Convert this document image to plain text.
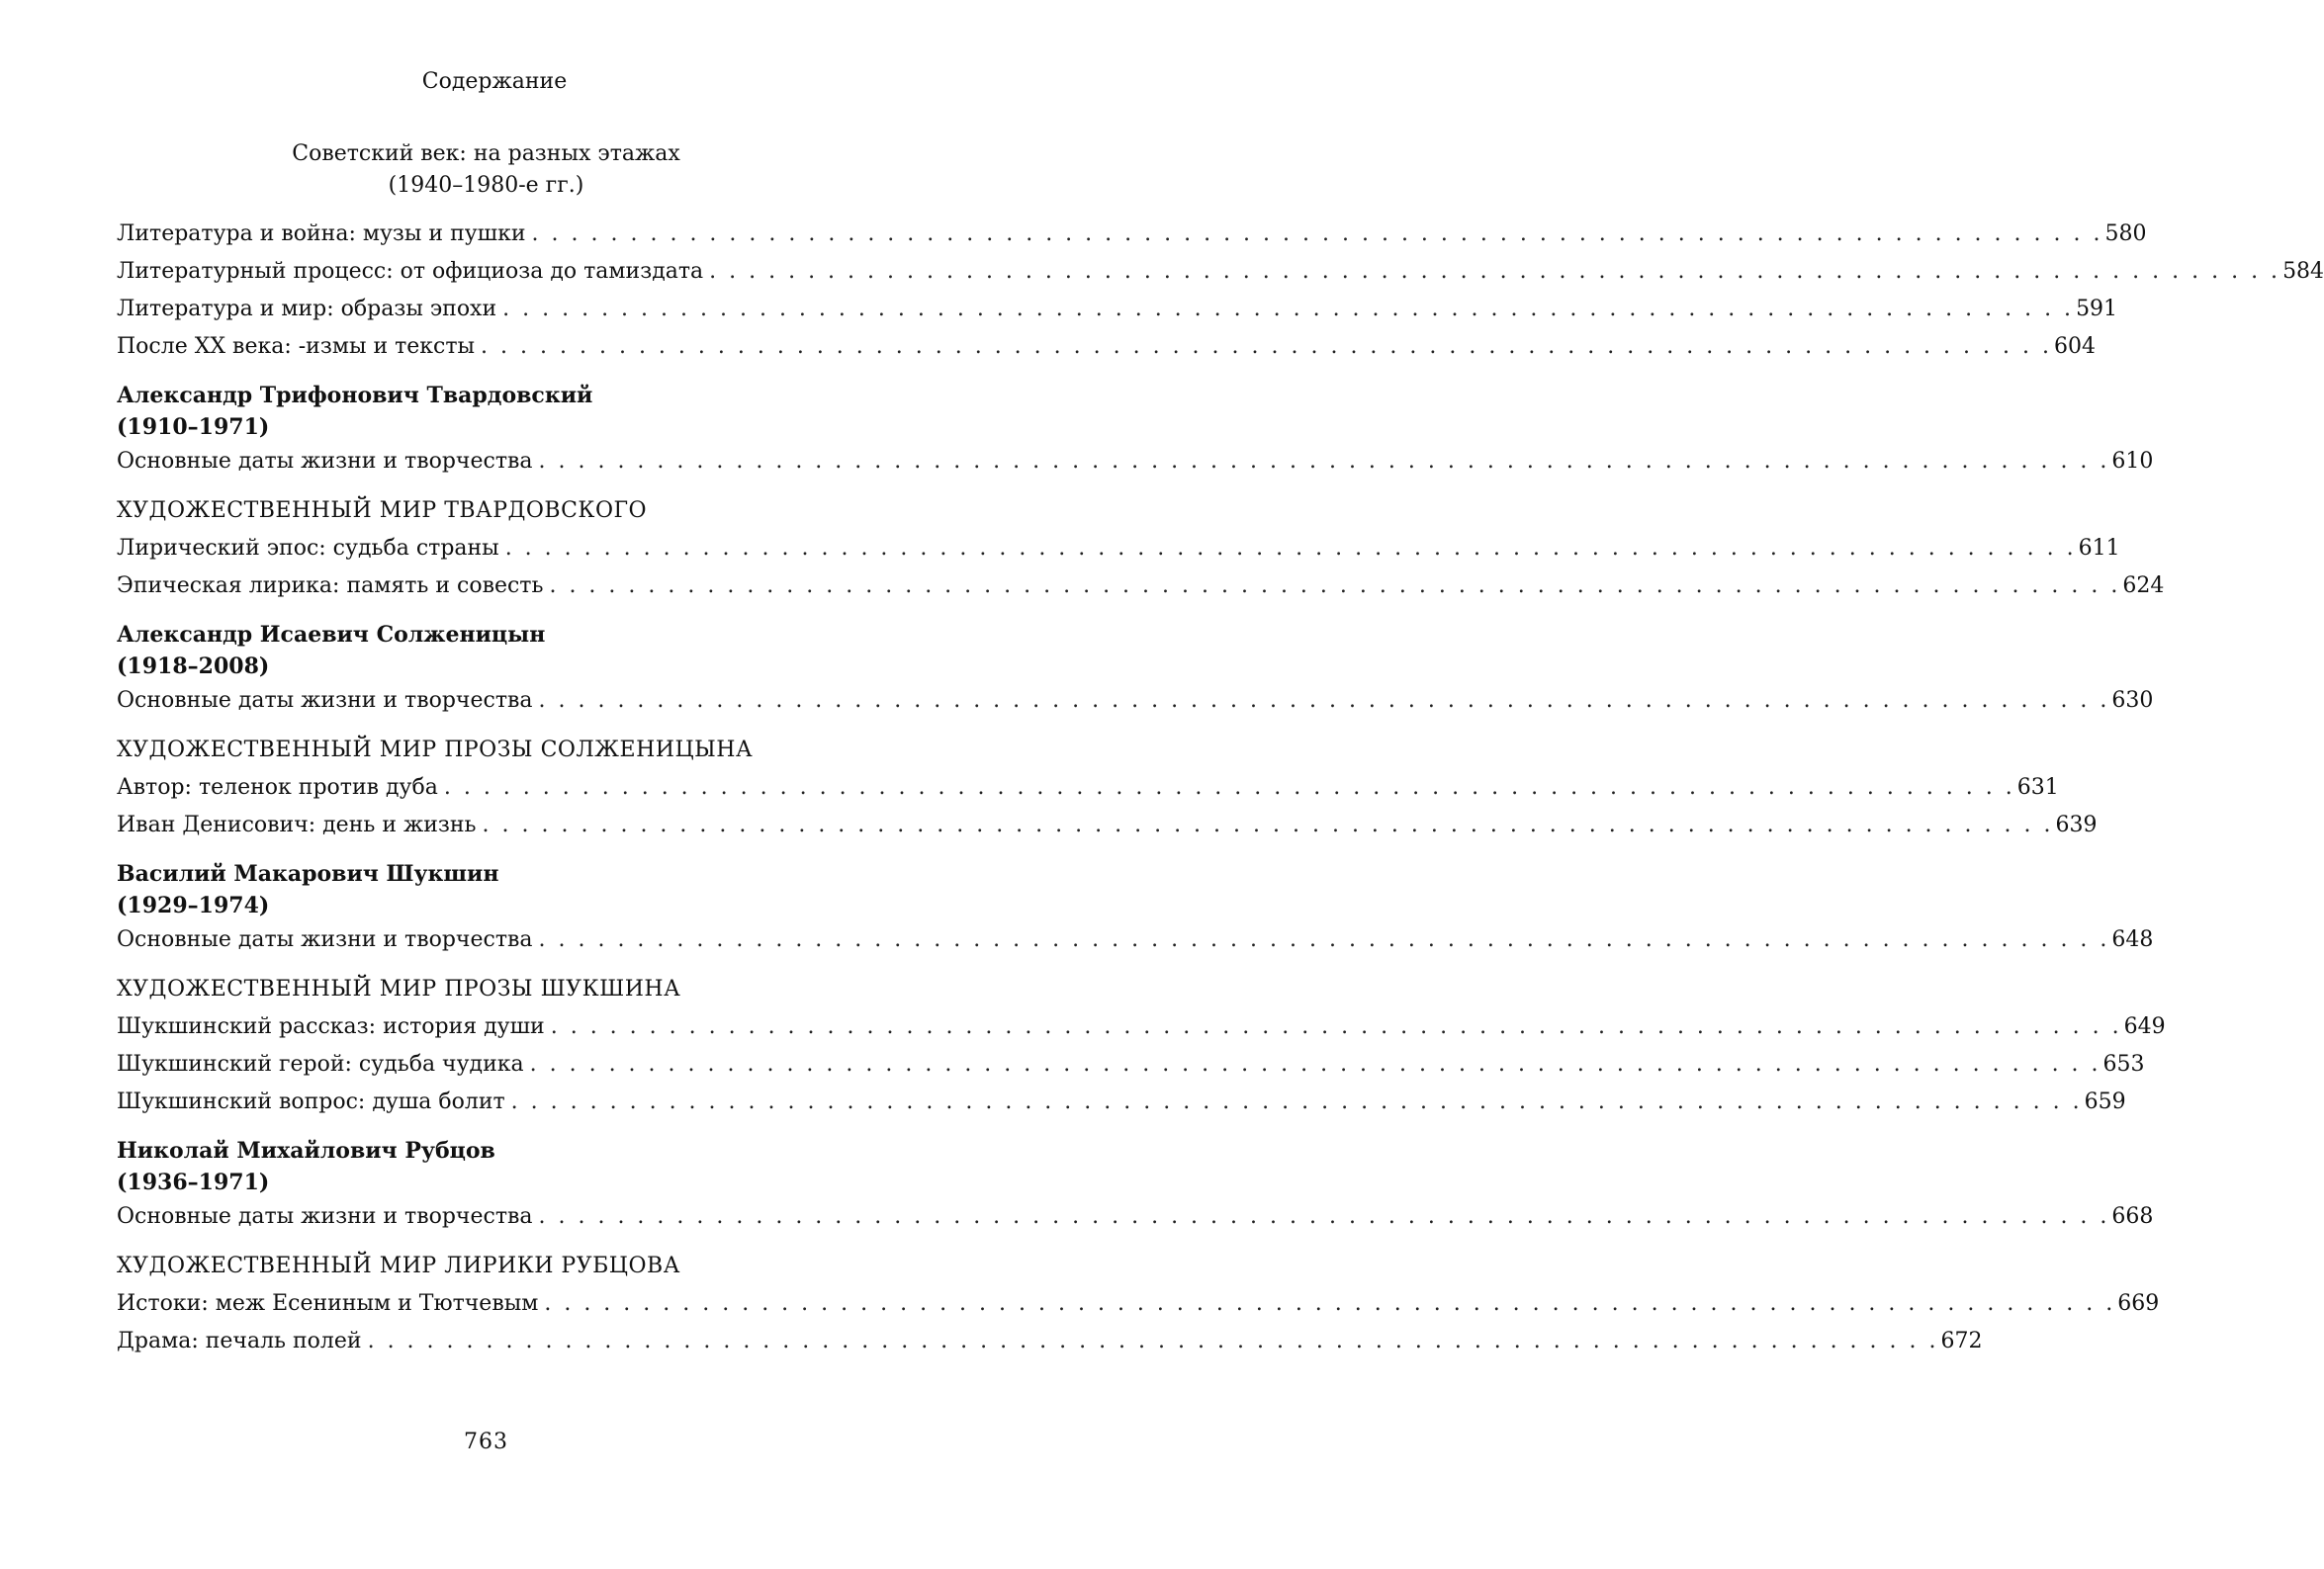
Содержание
Советский век: на разных этажах
(1940–1980-е гг.)
Литература и война: музы и пушки . . . . . . . . . . . . . . . . . . . . . . . . . . . . . . . . . . . . . . . . . . . . . . . . . . . . . . . . . . . . . . . . . . . . . . . . . . . . . . . . 580
Литературный процесс: от официоза до тамиздата . . . . . . . . . . . . . . . . . . . . . . . . . . . . . . . . . . . . . . . . . . . . . . . . . . . . . . . . . . . . . . . . . . . . . . . . . . . . . . . . 584
Литература и мир: образы эпохи . . . . . . . . . . . . . . . . . . . . . . . . . . . . . . . . . . . . . . . . . . . . . . . . . . . . . . . . . . . . . . . . . . . . . . . . . . . . . . . . 591
После XX века: -измы и тексты . . . . . . . . . . . . . . . . . . . . . . . . . . . . . . . . . . . . . . . . . . . . . . . . . . . . . . . . . . . . . . . . . . . . . . . . . . . . . . . . 604
Александр Трифонович Твардовский
(1910–1971)
Основные даты жизни и творчества . . . . . . . . . . . . . . . . . . . . . . . . . . . . . . . . . . . . . . . . . . . . . . . . . . . . . . . . . . . . . . . . . . . . . . . . . . . . . . . . 610
ХУДОЖЕСТВЕННЫЙ МИР ТВАРДОВСКОГО
Лирический эпос: судьба страны . . . . . . . . . . . . . . . . . . . . . . . . . . . . . . . . . . . . . . . . . . . . . . . . . . . . . . . . . . . . . . . . . . . . . . . . . . . . . . . . 611
Эпическая лирика: память и совесть . . . . . . . . . . . . . . . . . . . . . . . . . . . . . . . . . . . . . . . . . . . . . . . . . . . . . . . . . . . . . . . . . . . . . . . . . . . . . . . . 624
Александр Исаевич Солженицын
(1918–2008)
Основные даты жизни и творчества . . . . . . . . . . . . . . . . . . . . . . . . . . . . . . . . . . . . . . . . . . . . . . . . . . . . . . . . . . . . . . . . . . . . . . . . . . . . . . . . 630
ХУДОЖЕСТВЕННЫЙ МИР ПРОЗЫ СОЛЖЕНИЦЫНА
Автор: теленок против дуба . . . . . . . . . . . . . . . . . . . . . . . . . . . . . . . . . . . . . . . . . . . . . . . . . . . . . . . . . . . . . . . . . . . . . . . . . . . . . . . . 631
Иван Денисович: день и жизнь . . . . . . . . . . . . . . . . . . . . . . . . . . . . . . . . . . . . . . . . . . . . . . . . . . . . . . . . . . . . . . . . . . . . . . . . . . . . . . . . 639
Василий Макарович Шукшин
(1929–1974)
Основные даты жизни и творчества . . . . . . . . . . . . . . . . . . . . . . . . . . . . . . . . . . . . . . . . . . . . . . . . . . . . . . . . . . . . . . . . . . . . . . . . . . . . . . . . 648
ХУДОЖЕСТВЕННЫЙ МИР ПРОЗЫ ШУКШИНА
Шукшинский рассказ: история души . . . . . . . . . . . . . . . . . . . . . . . . . . . . . . . . . . . . . . . . . . . . . . . . . . . . . . . . . . . . . . . . . . . . . . . . . . . . . . . . 649
Шукшинский герой: судьба чудика . . . . . . . . . . . . . . . . . . . . . . . . . . . . . . . . . . . . . . . . . . . . . . . . . . . . . . . . . . . . . . . . . . . . . . . . . . . . . . . . 653
Шукшинский вопрос: душа болит . . . . . . . . . . . . . . . . . . . . . . . . . . . . . . . . . . . . . . . . . . . . . . . . . . . . . . . . . . . . . . . . . . . . . . . . . . . . . . . . 659
Николай Михайлович Рубцов
(1936–1971)
Основные даты жизни и творчества . . . . . . . . . . . . . . . . . . . . . . . . . . . . . . . . . . . . . . . . . . . . . . . . . . . . . . . . . . . . . . . . . . . . . . . . . . . . . . . . 668
ХУДОЖЕСТВЕННЫЙ МИР ЛИРИКИ РУБЦОВА
Истоки: меж Есениным и Тютчевым . . . . . . . . . . . . . . . . . . . . . . . . . . . . . . . . . . . . . . . . . . . . . . . . . . . . . . . . . . . . . . . . . . . . . . . . . . . . . . . . 669
Драма: печаль полей . . . . . . . . . . . . . . . . . . . . . . . . . . . . . . . . . . . . . . . . . . . . . . . . . . . . . . . . . . . . . . . . . . . . . . . . . . . . . . . . 672
763
